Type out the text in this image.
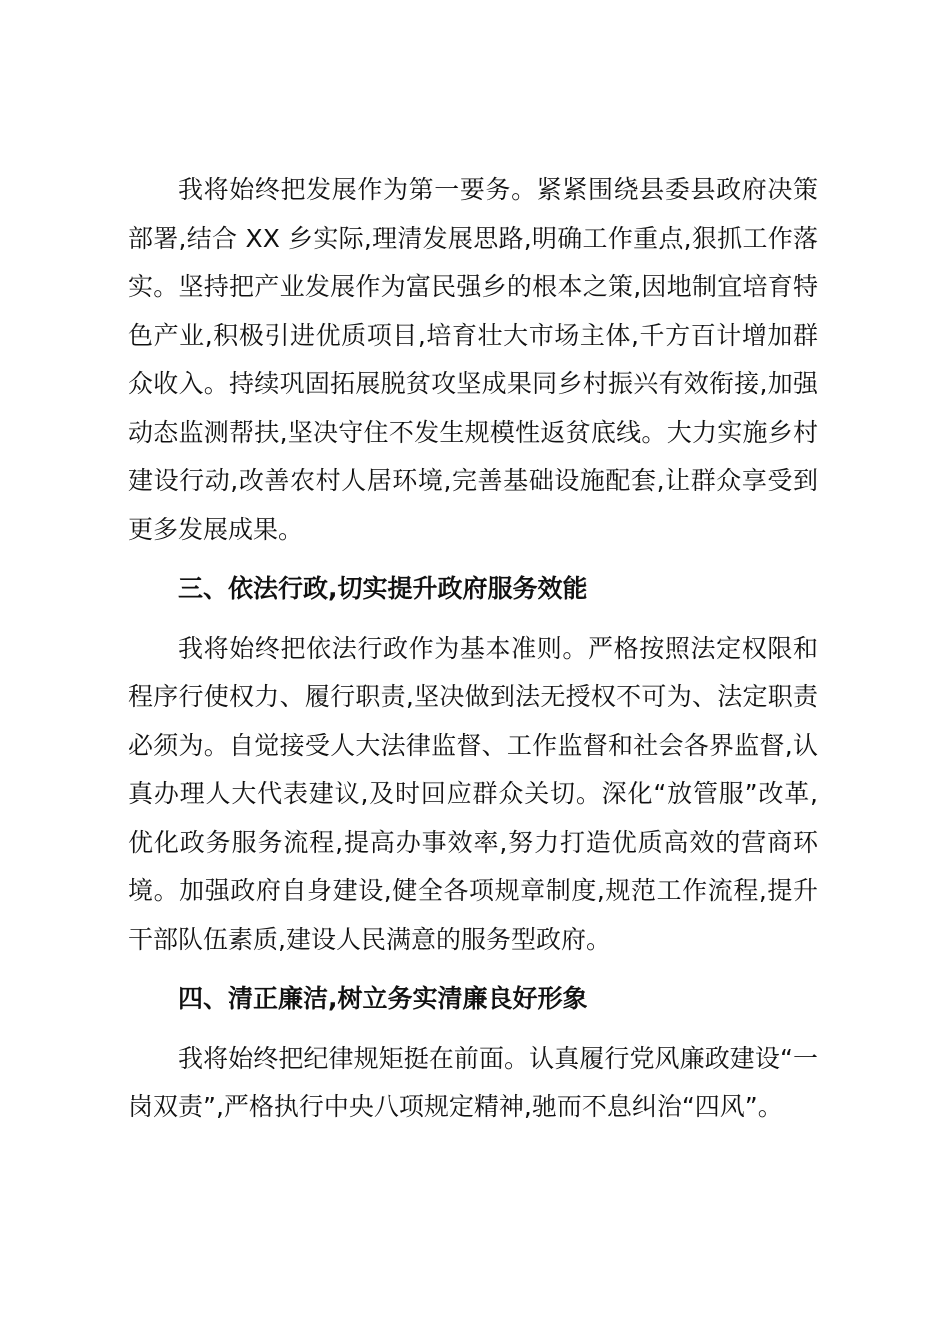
我将始终把发展作为第一要务。紧紧围绕县委县政府决策部署,结合 XX 乡实际,理清发展思路,明确工作重点,狠抓工作落实。坚持把产业发展作为富民强乡的根本之策,因地制宜培育特色产业,积极引进优质项目,培育壮大市场主体,千方百计增加群众收入。持续巩固拓展脱贫攻坚成果同乡村振兴有效衔接,加强动态监测帮扶,坚决守住不发生规模性返贫底线。大力实施乡村建设行动,改善农村人居环境,完善基础设施配套,让群众享受到更多发展成果。

三、依法行政,切实提升政府服务效能

我将始终把依法行政作为基本准则。严格按照法定权限和程序行使权力、履行职责,坚决做到法无授权不可为、法定职责必须为。自觉接受人大法律监督、工作监督和社会各界监督,认真办理人大代表建议,及时回应群众关切。深化“放管服”改革,优化政务服务流程,提高办事效率,努力打造优质高效的营商环境。加强政府自身建设,健全各项规章制度,规范工作流程,提升干部队伍素质,建设人民满意的服务型政府。

四、清正廉洁,树立务实清廉良好形象

我将始终把纪律规矩挺在前面。认真履行党风廉政建设“一岗双责”,严格执行中央八项规定精神,驰而不息纠治“四风”。
